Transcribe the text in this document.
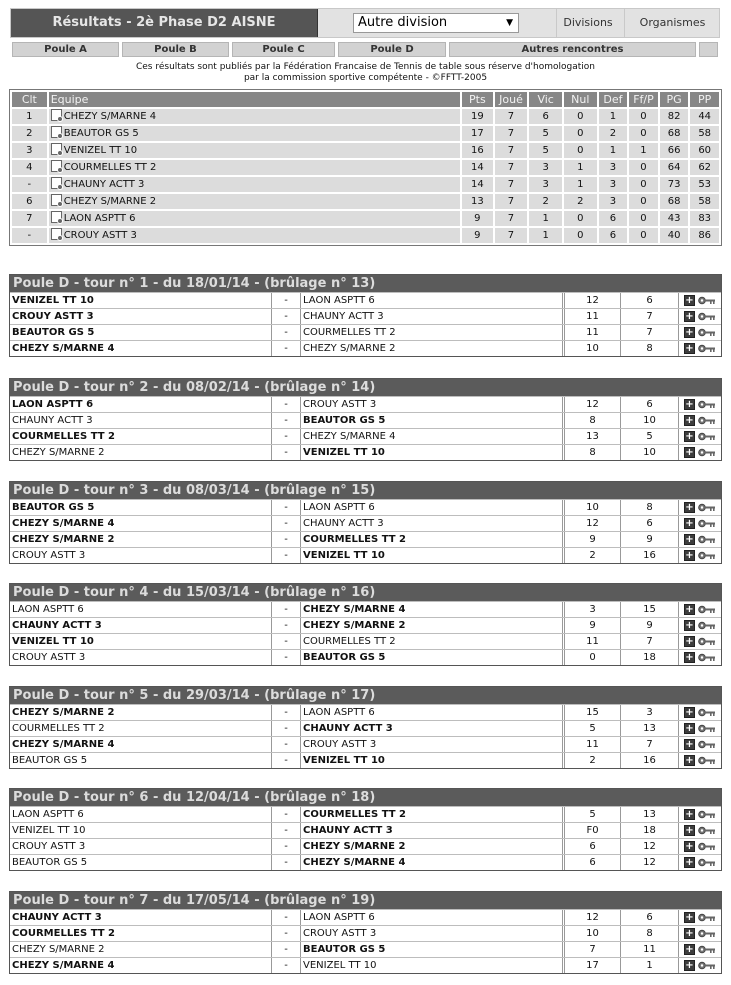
Résultats - 2è Phase D2 AISNE	Autre division	▼	Divisions	Organismes
Poule A	Poule B	Poule C	Poule D	Autres rencontres
Ces résultats sont publiés par la Fédération Francaise de Tennis de table sous réserve d'homologation
par la commission sportive compétente - ©FFTT-2005
Clt	Equipe	Pts	Joué	Vic	Nul	Def	Ff/P	PG	PP
1	CHEZY S/MARNE 4	19	7	6	0	1	0	82	44
2	BEAUTOR GS 5	17	7	5	0	2	0	68	58
3	VENIZEL TT 10	16	7	5	0	1	1	66	60
4	COURMELLES TT 2	14	7	3	1	3	0	64	62
-	CHAUNY ACTT 3	14	7	3	1	3	0	73	53
6	CHEZY S/MARNE 2	13	7	2	2	3	0	68	58
7	LAON ASPTT 6	9	7	1	0	6	0	43	83
-	CROUY ASTT 3	9	7	1	0	6	0	40	86
Poule D - tour n° 1 - du 18/01/14 - (brûlage n° 13)
VENIZEL TT 10	-	LAON ASPTT 6	12	6	+
CROUY ASTT 3	-	CHAUNY ACTT 3	11	7	+
BEAUTOR GS 5	-	COURMELLES TT 2	11	7	+
CHEZY S/MARNE 4	-	CHEZY S/MARNE 2	10	8	+
Poule D - tour n° 2 - du 08/02/14 - (brûlage n° 14)
LAON ASPTT 6	-	CROUY ASTT 3	12	6	+
CHAUNY ACTT 3	-	BEAUTOR GS 5	8	10	+
COURMELLES TT 2	-	CHEZY S/MARNE 4	13	5	+
CHEZY S/MARNE 2	-	VENIZEL TT 10	8	10	+
Poule D - tour n° 3 - du 08/03/14 - (brûlage n° 15)
BEAUTOR GS 5	-	LAON ASPTT 6	10	8	+
CHEZY S/MARNE 4	-	CHAUNY ACTT 3	12	6	+
CHEZY S/MARNE 2	-	COURMELLES TT 2	9	9	+
CROUY ASTT 3	-	VENIZEL TT 10	2	16	+
Poule D - tour n° 4 - du 15/03/14 - (brûlage n° 16)
LAON ASPTT 6	-	CHEZY S/MARNE 4	3	15	+
CHAUNY ACTT 3	-	CHEZY S/MARNE 2	9	9	+
VENIZEL TT 10	-	COURMELLES TT 2	11	7	+
CROUY ASTT 3	-	BEAUTOR GS 5	0	18	+
Poule D - tour n° 5 - du 29/03/14 - (brûlage n° 17)
CHEZY S/MARNE 2	-	LAON ASPTT 6	15	3	+
COURMELLES TT 2	-	CHAUNY ACTT 3	5	13	+
CHEZY S/MARNE 4	-	CROUY ASTT 3	11	7	+
BEAUTOR GS 5	-	VENIZEL TT 10	2	16	+
Poule D - tour n° 6 - du 12/04/14 - (brûlage n° 18)
LAON ASPTT 6	-	COURMELLES TT 2	5	13	+
VENIZEL TT 10	-	CHAUNY ACTT 3	F0	18	+
CROUY ASTT 3	-	CHEZY S/MARNE 2	6	12	+
BEAUTOR GS 5	-	CHEZY S/MARNE 4	6	12	+
Poule D - tour n° 7 - du 17/05/14 - (brûlage n° 19)
CHAUNY ACTT 3	-	LAON ASPTT 6	12	6	+
COURMELLES TT 2	-	CROUY ASTT 3	10	8	+
CHEZY S/MARNE 2	-	BEAUTOR GS 5	7	11	+
CHEZY S/MARNE 4	-	VENIZEL TT 10	17	1	+
